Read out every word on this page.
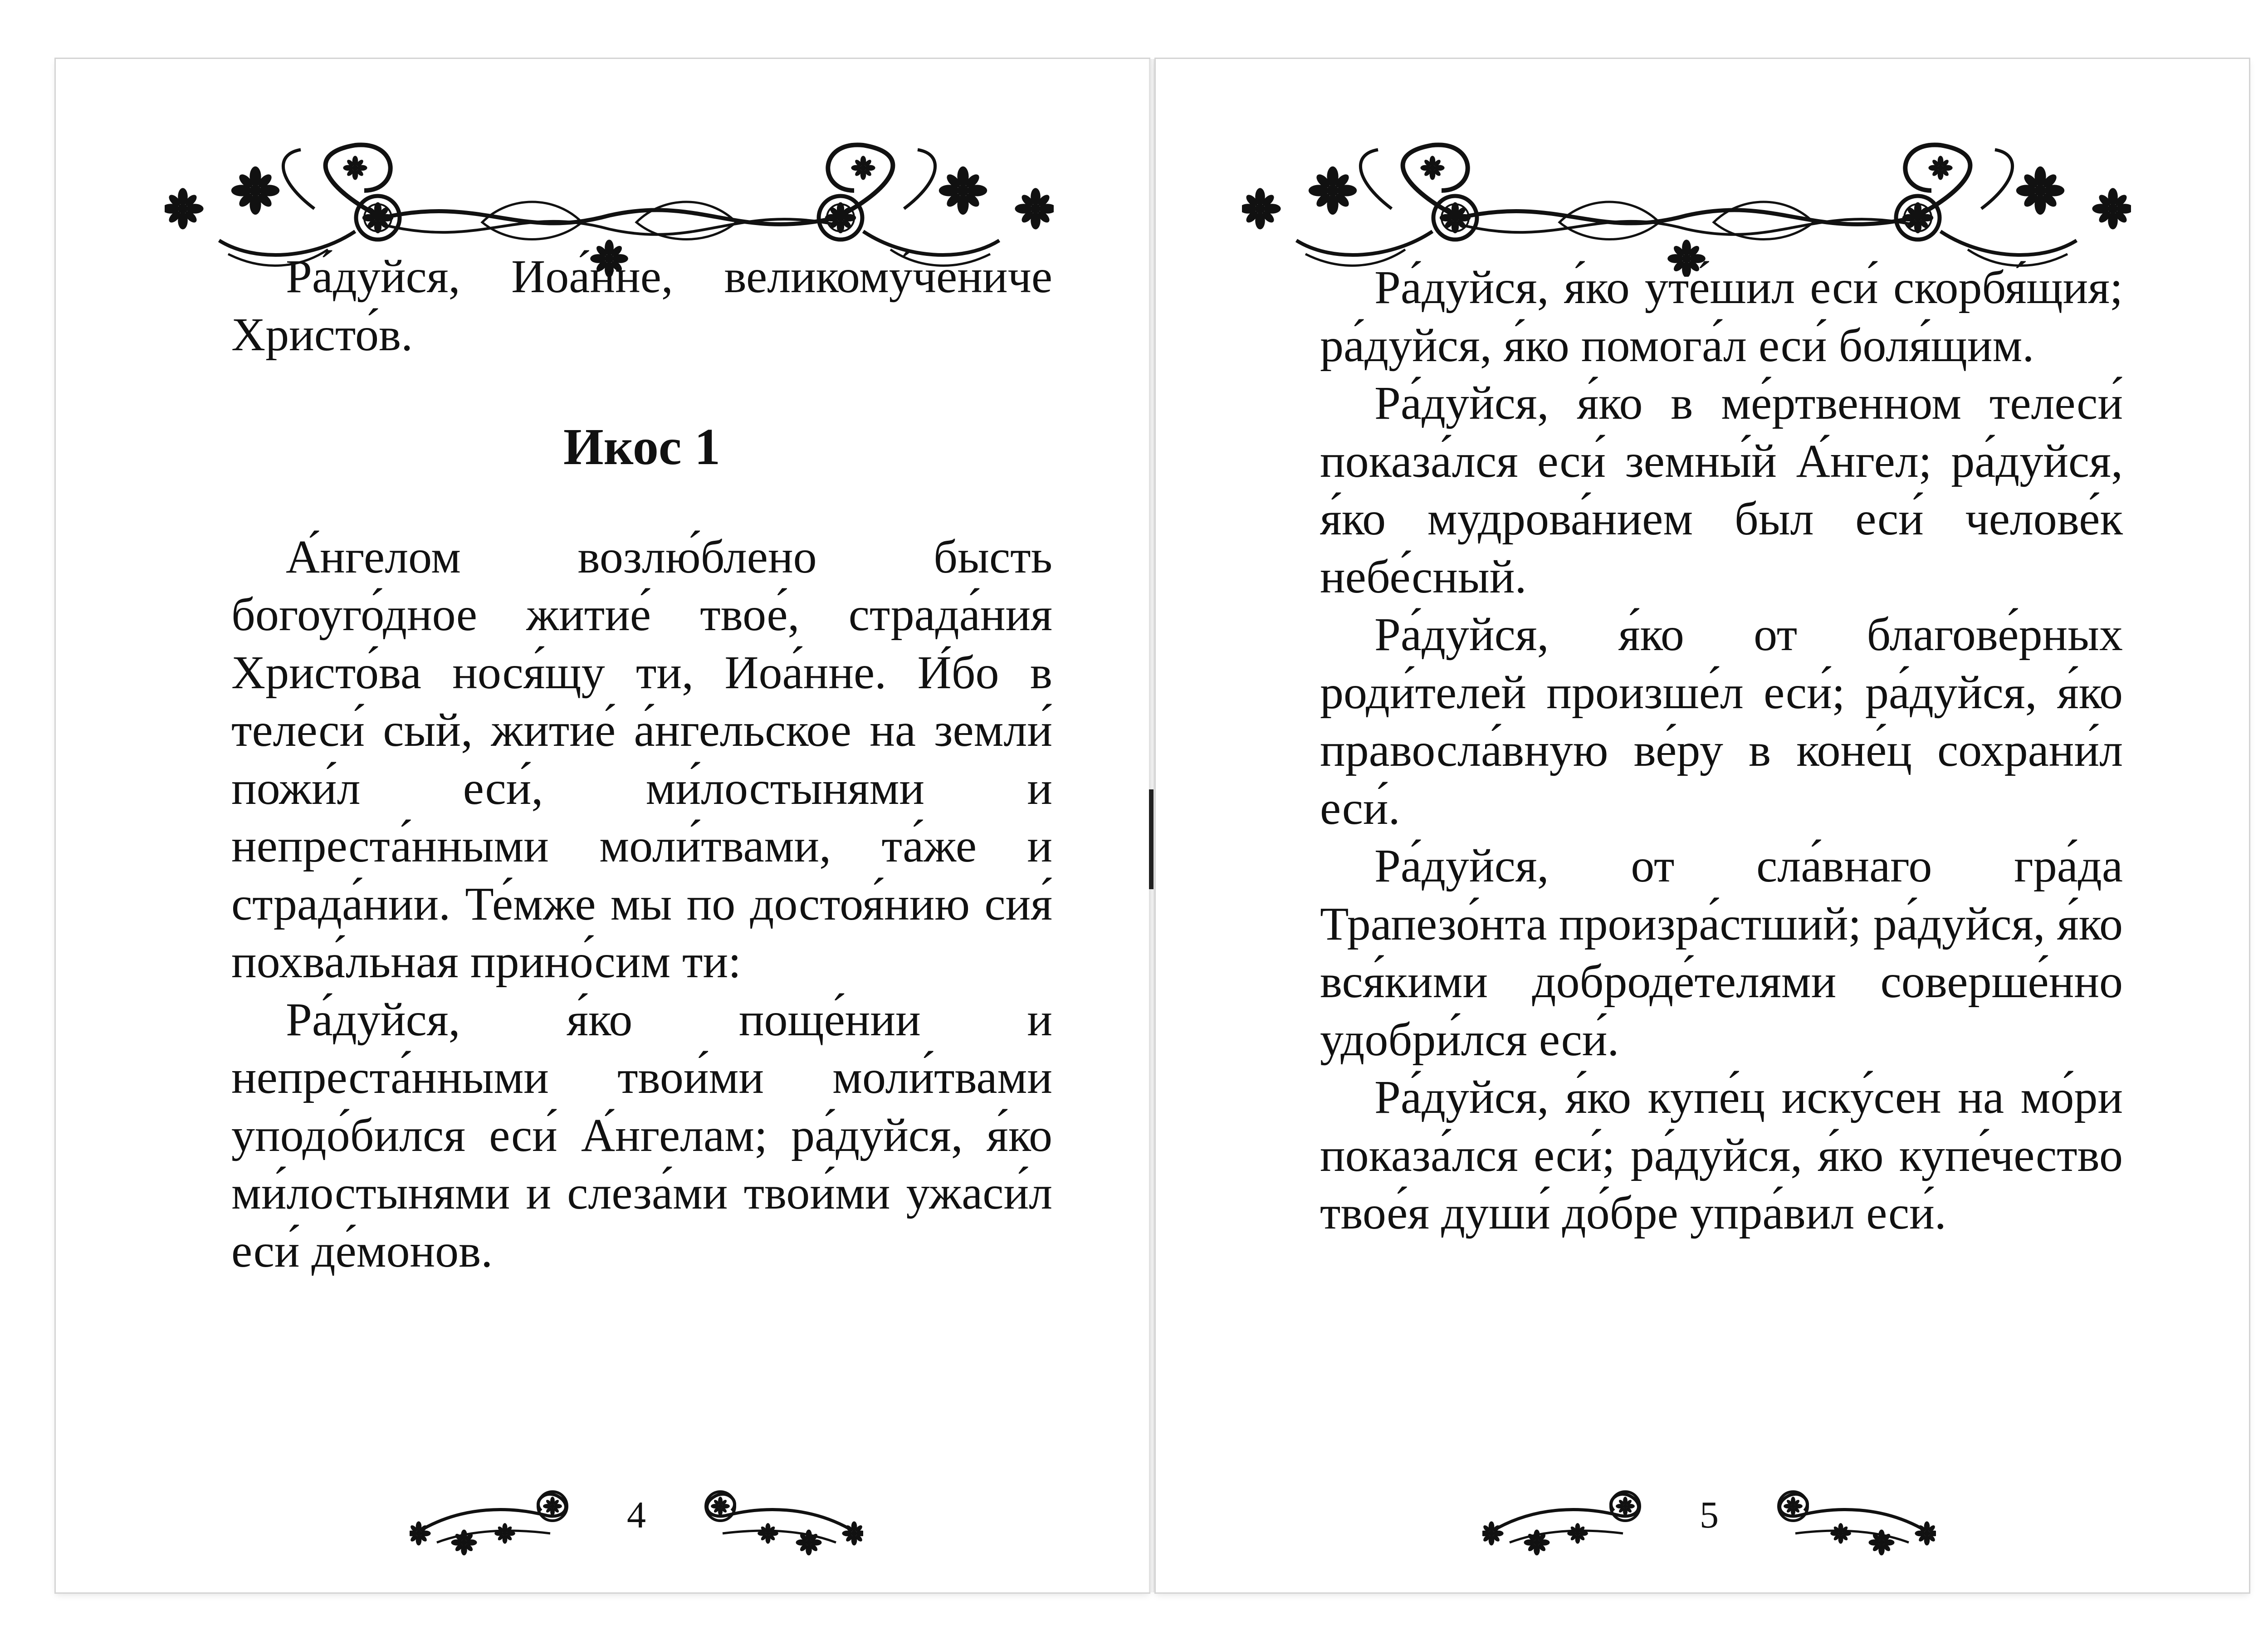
Ра́дуйся, Иоа́нне, великому́чениче Христо́в.

Икос 1

А́нгелом возлю́блено бысть богоуго́дное житие́ твое́, страда́ния Христо́ва нося́щу ти, Иоа́нне. И́бо в телеси́ сый, житие́ а́нгельское на земли́ пожи́л еси́, ми́лостынями и непреста́нными моли́твами, та́же и страда́нии. Те́мже мы по достоя́нию сия́ похва́льная прино́сим ти:

Ра́дуйся, я́ко поще́нии и непреста́нными твои́ми моли́твами уподо́бился еси́ А́нгелам; ра́дуйся, я́ко ми́лостынями и слеза́ми твои́ми ужаси́л еси́ де́монов.

4

Ра́дуйся, я́ко уте́шил еси́ скорбя́щия; ра́дуйся, я́ко помога́л еси́ боля́щим.

Ра́дуйся, я́ко в ме́ртвенном телеси́ показа́лся еси́ земны́й А́нгел; ра́дуйся, я́ко мудрова́нием был еси́ челове́к небе́сный.

Ра́дуйся, я́ко от благове́рных роди́телей произше́л еси́; ра́дуйся, я́ко правосла́вную ве́ру в коне́ц сохрани́л еси́.

Ра́дуйся, от сла́внаго гра́да Трапезо́нта произра́стший; ра́дуйся, я́ко вся́кими доброде́телями соверше́нно удобри́лся еси́.

Ра́дуйся, я́ко купе́ц иску́сен на мо́ри показа́лся еси́; ра́дуйся, я́ко купе́чество твое́я души́ до́бре упра́вил еси́.

5
